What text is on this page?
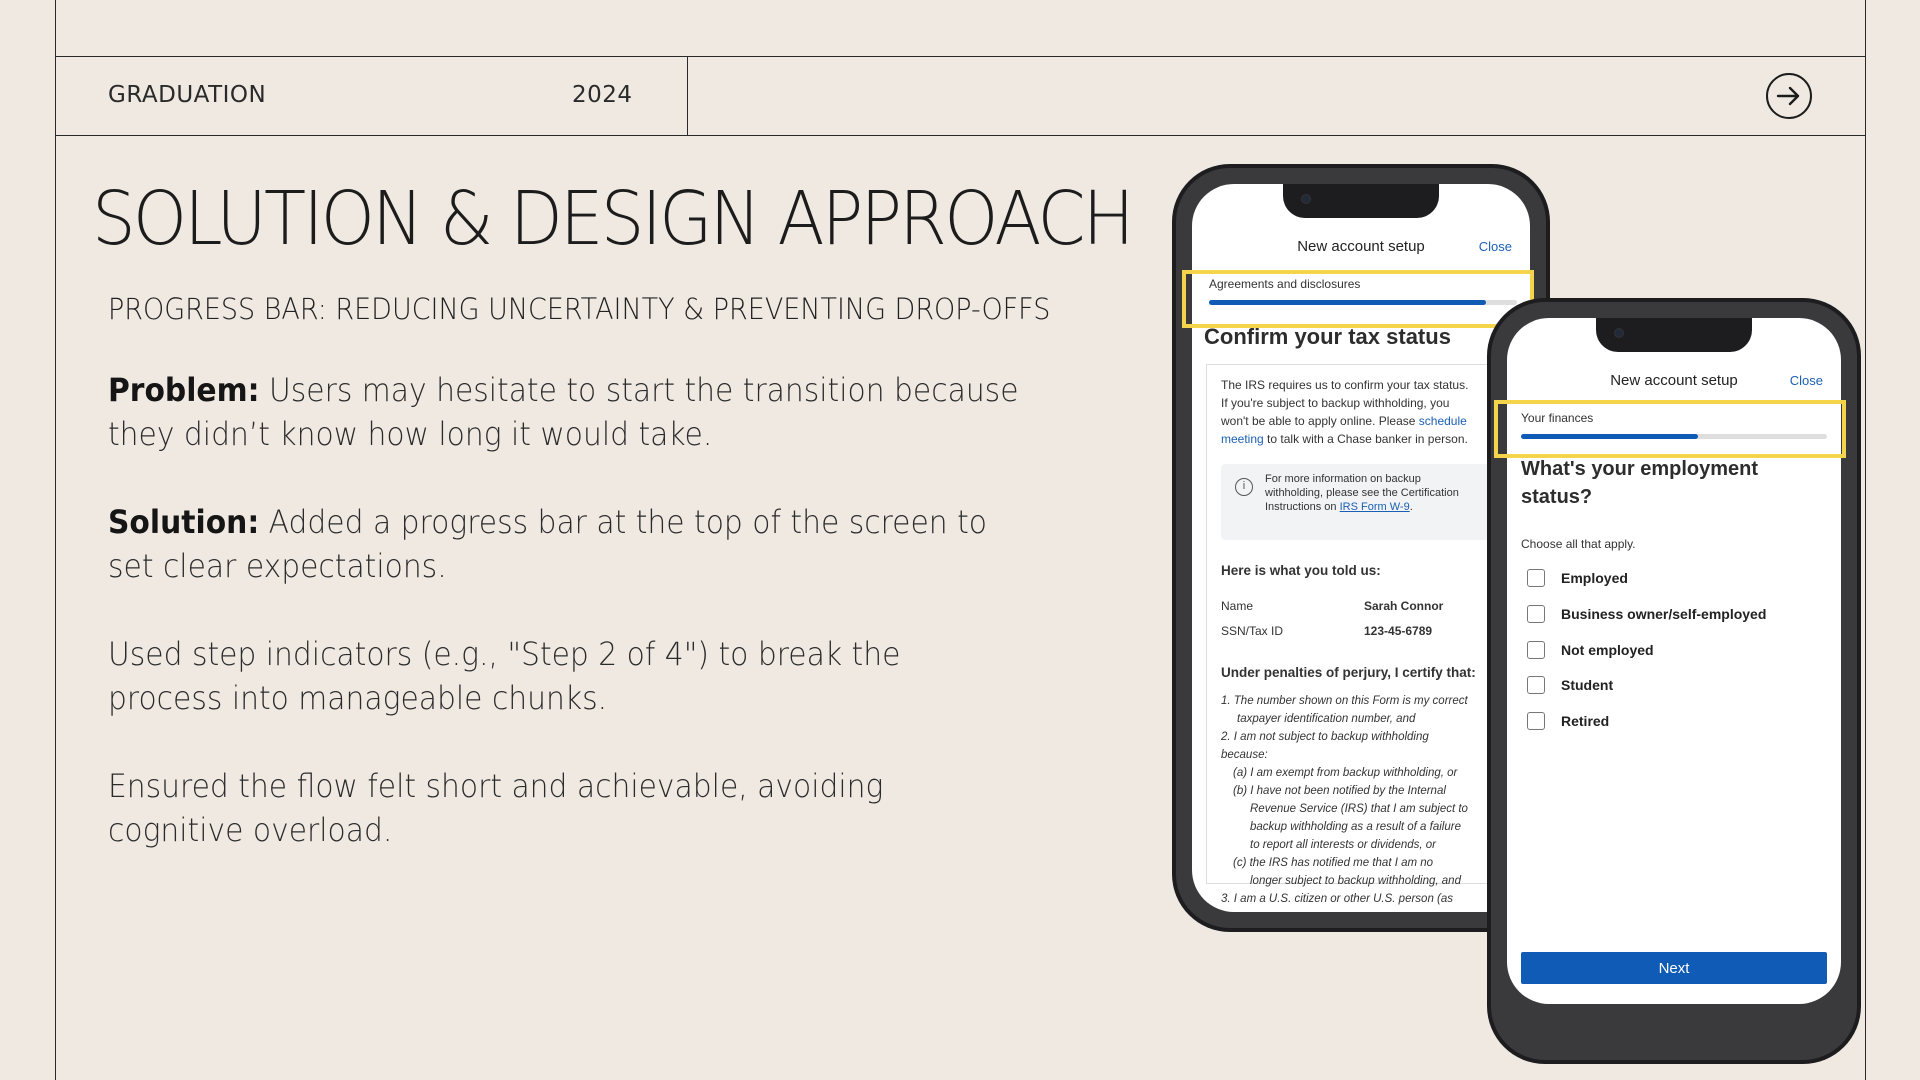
GRADUATION	2024
SOLUTION & DESIGN APPROACH
PROGRESS BAR: REDUCING UNCERTAINTY & PREVENTING DROP-OFFS
Problem: Users may hesitate to start the transition because they didn’t know how long it would take.
Solution: Added a progress bar at the top of the screen to set clear expectations.
Used step indicators (e.g., "Step 2 of 4") to break the process into manageable chunks.
Ensured the flow felt short and achievable, avoiding cognitive overload.
New account setup	Close
Agreements and disclosures
Confirm your tax status
The IRS requires us to confirm your tax status.
If you're subject to backup withholding, you
won't be able to apply online. Please schedule
meeting to talk with a Chase banker in person.
i
For more information on backup
withholding, please see the Certification
Instructions on IRS Form W-9.
Here is what you told us:
Name	Sarah Connor
SSN/Tax ID	123-45-6789
Under penalties of perjury, I certify that:
1. The number shown on this Form is my correct
taxpayer identification number, and
2. I am not subject to backup withholding
because:
(a) I am exempt from backup withholding, or
(b) I have not been notified by the Internal
Revenue Service (IRS) that I am subject to
backup withholding as a result of a failure
to report all interests or dividends, or
(c) the IRS has notified me that I am no
longer subject to backup withholding, and
3. I am a U.S. citizen or other U.S. person (as
New account setup	Close
Your finances
What's your employment
status?
Choose all that apply.
Employed
Business owner/self-employed
Not employed
Student
Retired
Next
